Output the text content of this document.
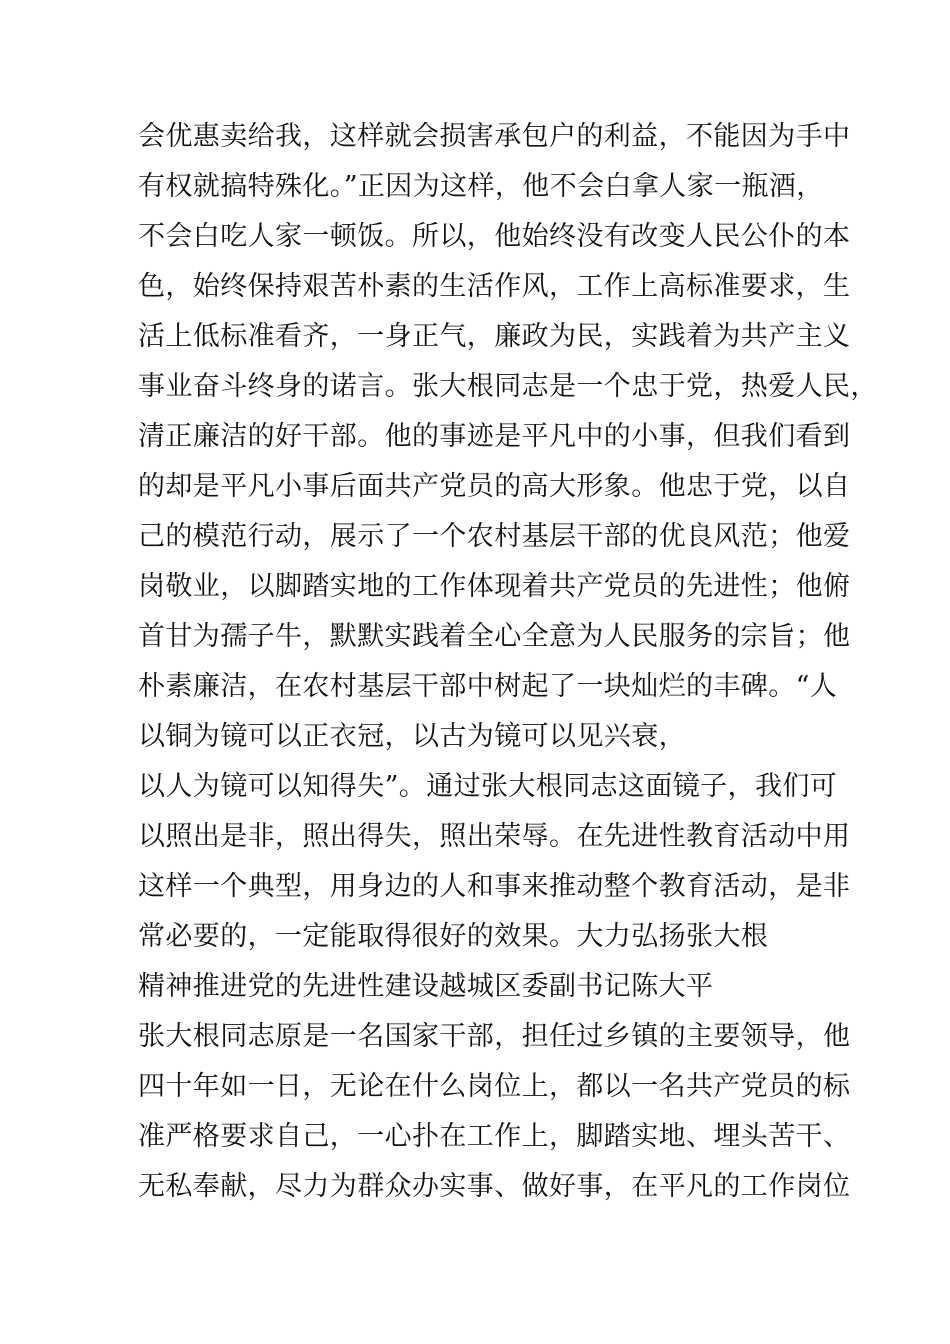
会优惠卖给我，这样就会损害承包户的利益，不能因为手中
有权就搞特殊化。”正因为这样，他不会白拿人家一瓶酒，
不会白吃人家一顿饭。所以，他始终没有改变人民公仆的本
色，始终保持艰苦朴素的生活作风，工作上高标准要求，生
活上低标准看齐，一身正气，廉政为民，实践着为共产主义
事业奋斗终身的诺言。张大根同志是一个忠于党，热爱人民，
清正廉洁的好干部。他的事迹是平凡中的小事，但我们看到
的却是平凡小事后面共产党员的高大形象。他忠于党，以自
己的模范行动，展示了一个农村基层干部的优良风范；他爱
岗敬业，以脚踏实地的工作体现着共产党员的先进性；他俯
首甘为孺子牛，默默实践着全心全意为人民服务的宗旨；他
朴素廉洁，在农村基层干部中树起了一块灿烂的丰碑。“人
以铜为镜可以正衣冠，以古为镜可以见兴衰，
以人为镜可以知得失”。通过张大根同志这面镜子，我们可
以照出是非，照出得失，照出荣辱。在先进性教育活动中用
这样一个典型，用身边的人和事来推动整个教育活动，是非
常必要的，一定能取得很好的效果。大力弘扬张大根
精神推进党的先进性建设越城区委副书记陈大平
张大根同志原是一名国家干部，担任过乡镇的主要领导，他
四十年如一日，无论在什么岗位上，都以一名共产党员的标
准严格要求自己，一心扑在工作上，脚踏实地、埋头苦干、
无私奉献，尽力为群众办实事、做好事，在平凡的工作岗位
